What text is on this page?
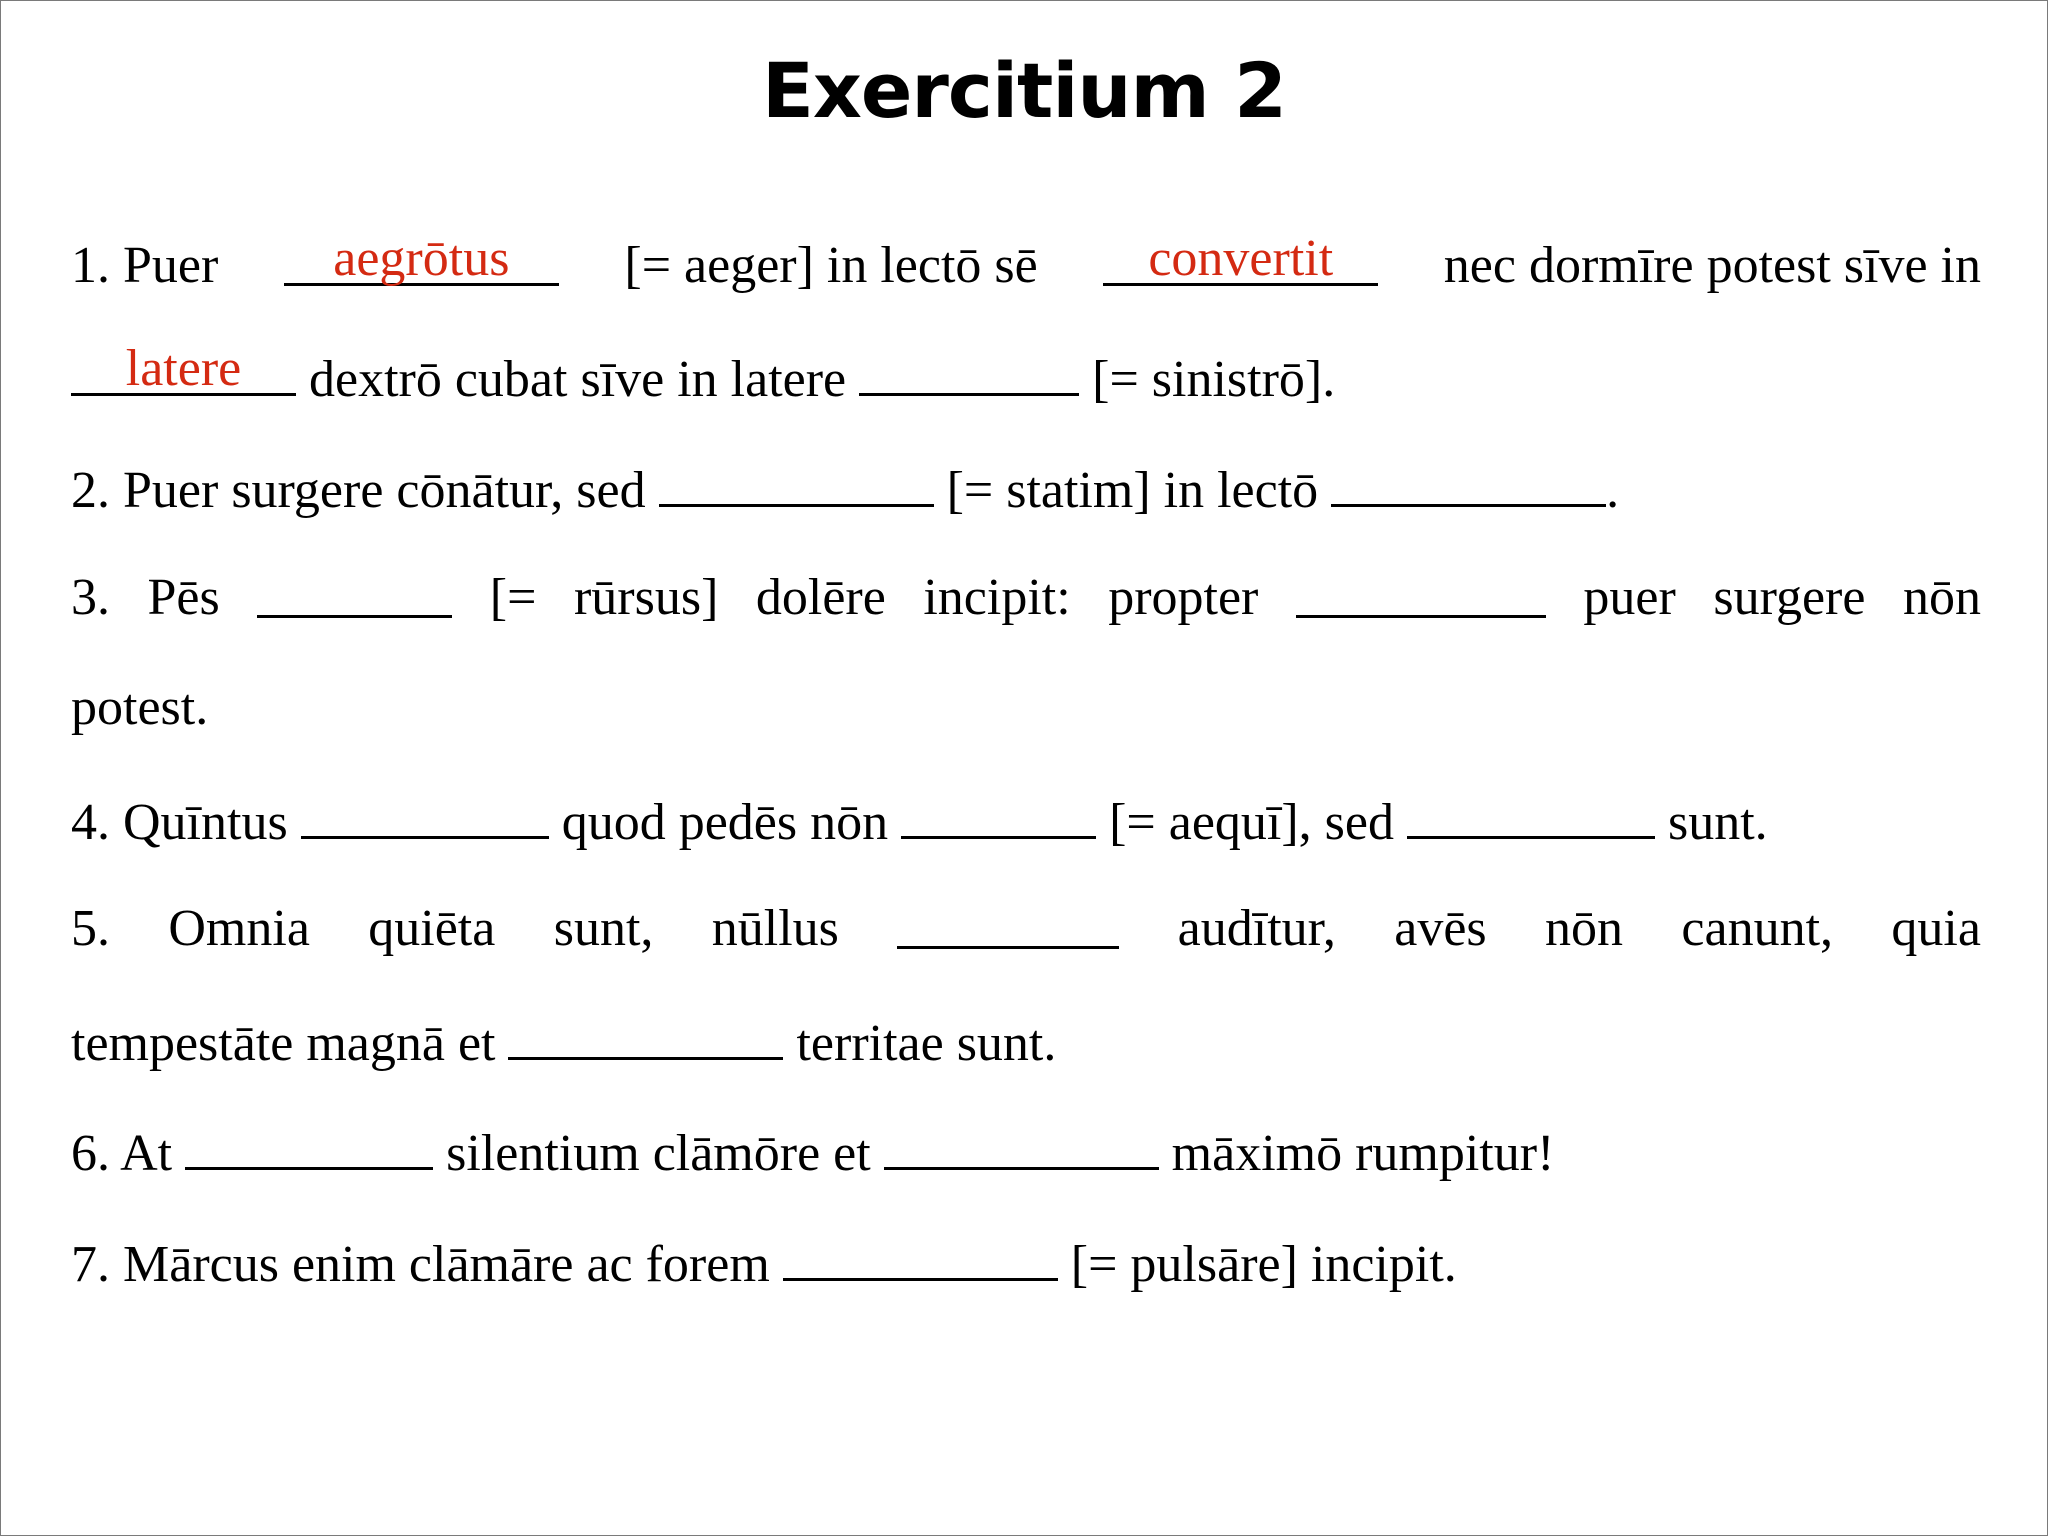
Exercitium 2
1. Puer	aegrōtus	[= aeger] in lectō sē	convertit	nec dormīre potest sīve in
latere	dextrō cubat sīve in latere	[= sinistrō].
2. Puer surgere cōnātur, sed	[= statim] in lectō	.
3. Pēs	[= rūrsus] dolēre incipit: propter	puer surgere nōn
potest.
4. Quīntus	quod pedēs nōn	[= aequī], sed	sunt.
5. Omnia quiēta sunt, nūllus	audītur, avēs nōn canunt, quia
tempestāte magnā et	territae sunt.
6. At	silentium clāmōre et	māximō rumpitur!
7. Mārcus enim clāmāre ac forem	[= pulsāre] incipit.
